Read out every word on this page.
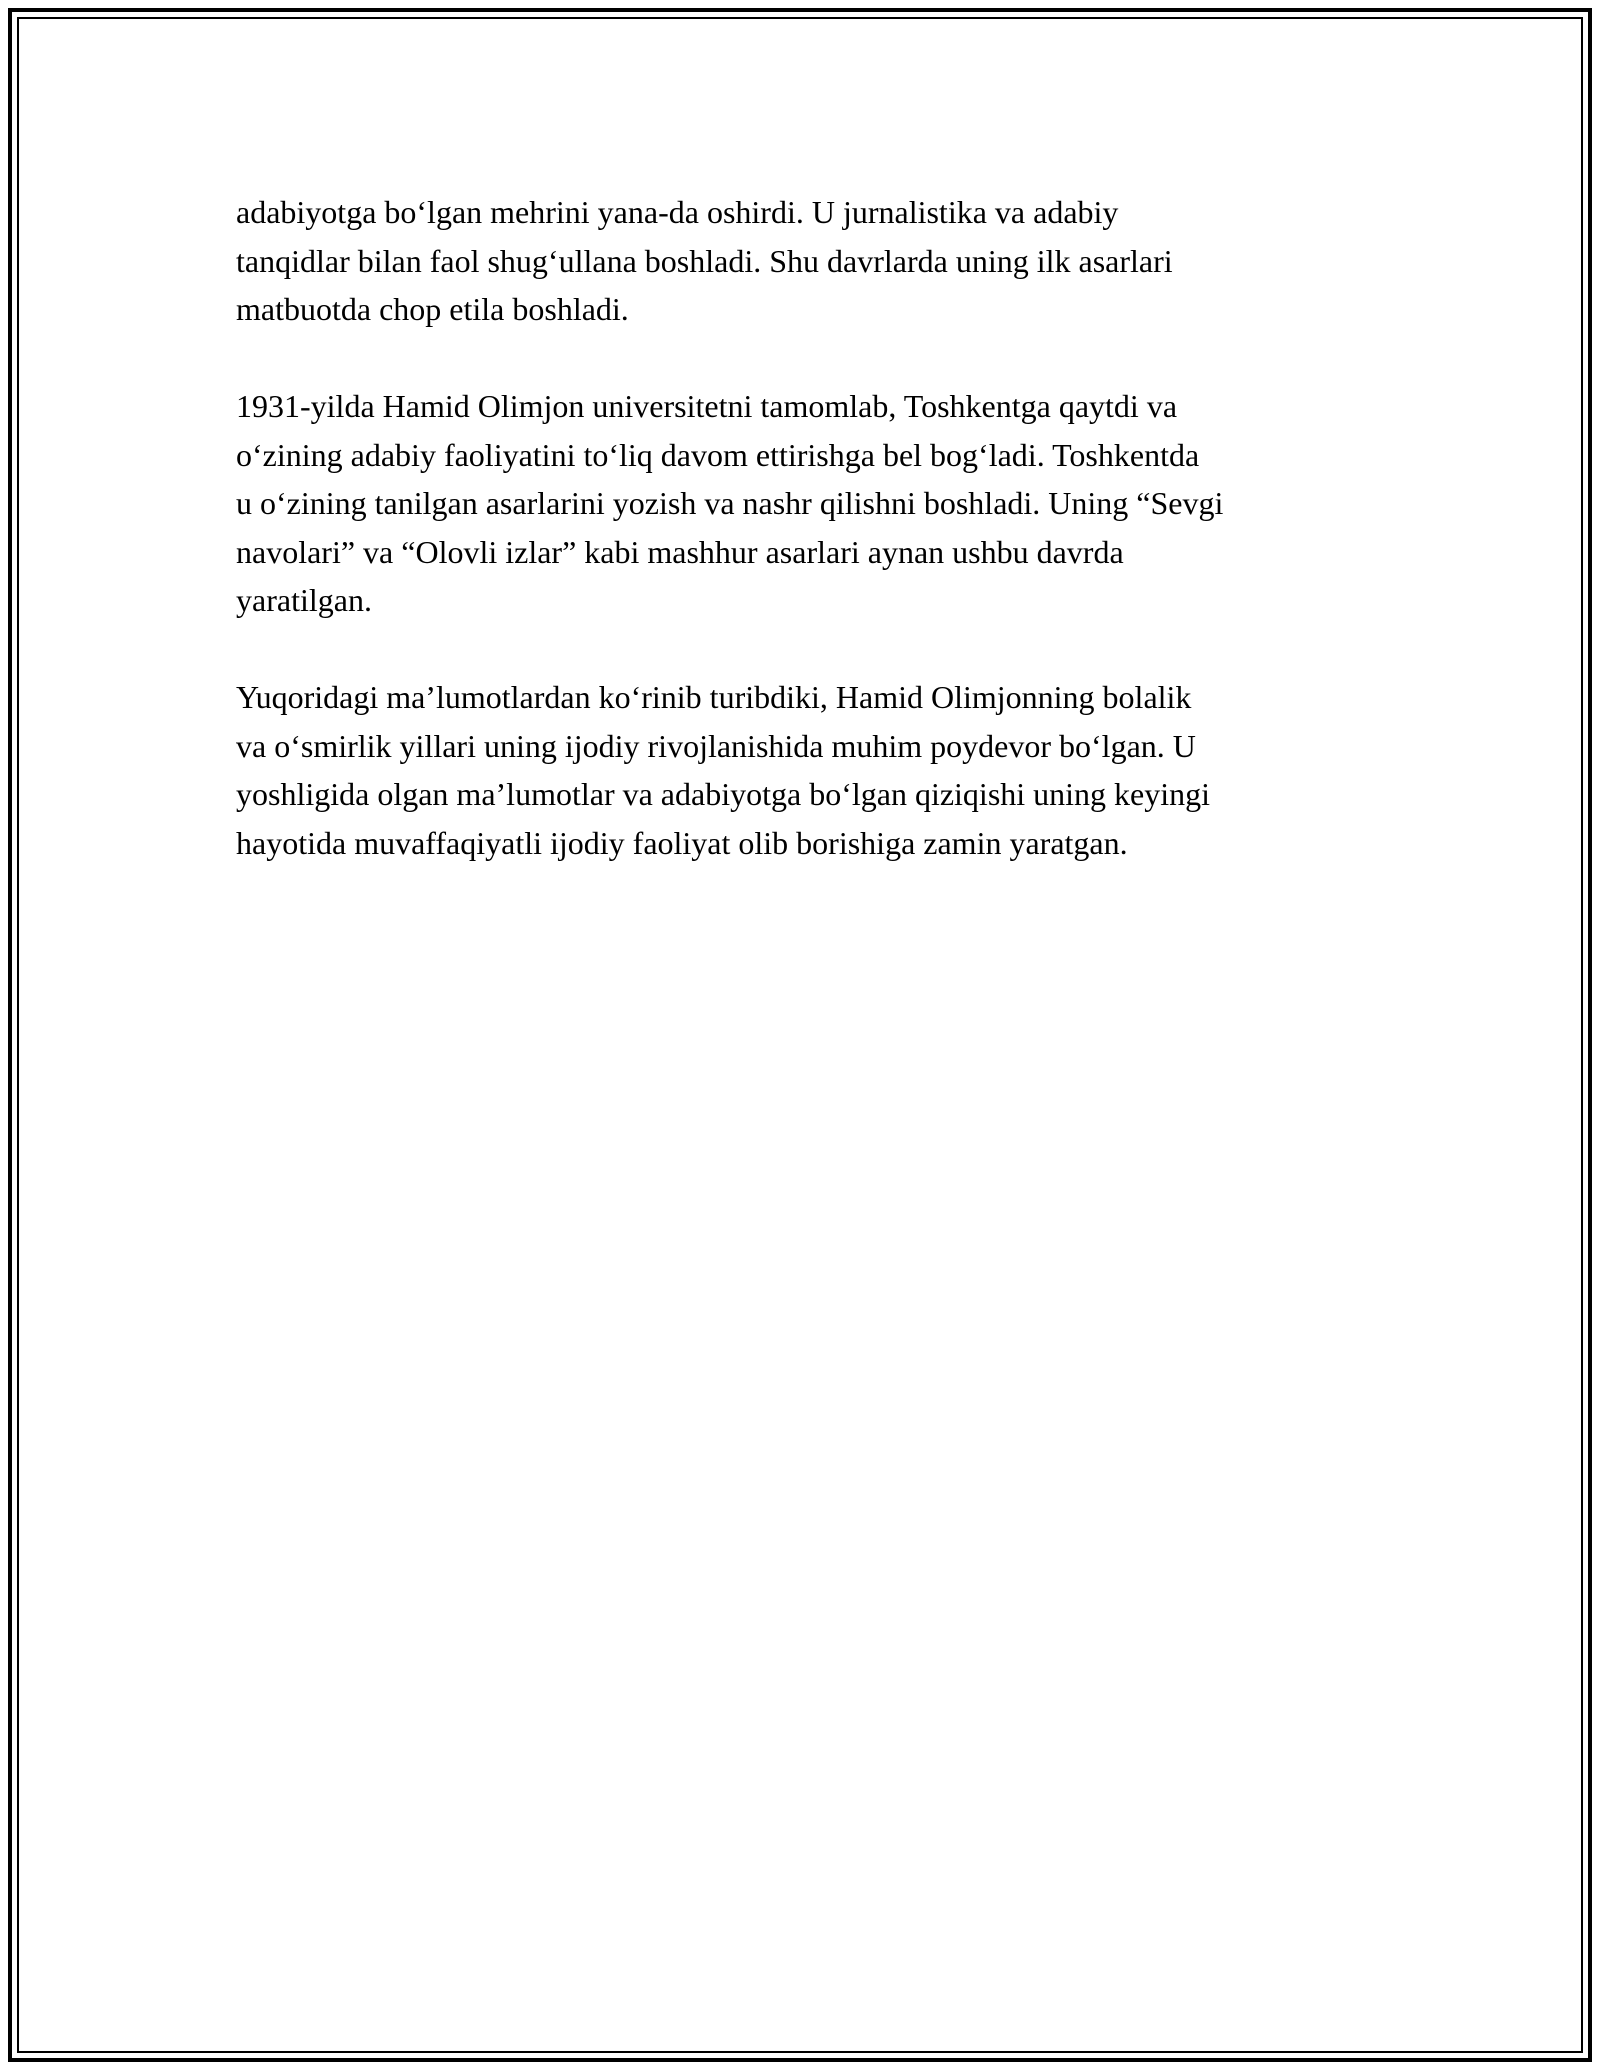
adabiyotga bo‘lgan mehrini yana-da oshirdi. U jurnalistika va adabiy
tanqidlar bilan faol shug‘ullana boshladi. Shu davrlarda uning ilk asarlari
matbuotda chop etila boshladi.

1931-yilda Hamid Olimjon universitetni tamomlab, Toshkentga qaytdi va
o‘zining adabiy faoliyatini to‘liq davom ettirishga bel bog‘ladi. Toshkentda
u o‘zining tanilgan asarlarini yozish va nashr qilishni boshladi. Uning “Sevgi
navolari” va “Olovli izlar” kabi mashhur asarlari aynan ushbu davrda
yaratilgan.

Yuqoridagi ma’lumotlardan ko‘rinib turibdiki, Hamid Olimjonning bolalik
va o‘smirlik yillari uning ijodiy rivojlanishida muhim poydevor bo‘lgan. U
yoshligida olgan ma’lumotlar va adabiyotga bo‘lgan qiziqishi uning keyingi
hayotida muvaffaqiyatli ijodiy faoliyat olib borishiga zamin yaratgan.
